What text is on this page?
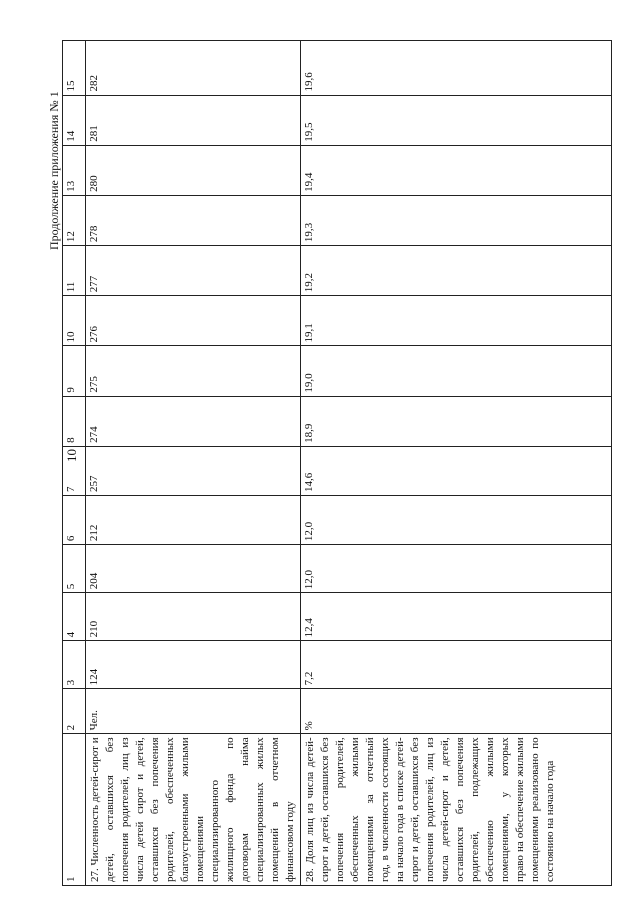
10
Продолжение приложения № 1
1	2	3	4	5	6	7	8	9	10	11	12	13	14	15
27. Численность детей-сирот и детей, оставшихся без попечения родителей, лиц из числа детей сирот и детей, оставшихся без попечения родителей, обеспеченных благоустроенными жилыми помещениями специализированного жилищного фонда по договорам найма специализированных жилых помещений в отчетном финансовом году	Чел.	124	210	204	212	257	274	275	276	277	278	280	281	282
28. Доля лиц из числа детей-сирот и детей, оставшихся без попечения родителей, обеспеченных жилыми помещениями за отчетный год, в численности состоящих на начало года в списке детей-сирот и детей, оставшихся без попечения родителей, лиц из числа детей-сирот и детей, оставшихся без попечения родителей, подлежащих обеспечению жилыми помещениями, у которых право на обеспечение жилыми помещениями реализовано по состоянию на начало года	%	7,2	12,4	12,0	12,0	14,6	18,9	19,0	19,1	19,2	19,3	19,4	19,5	19,6
